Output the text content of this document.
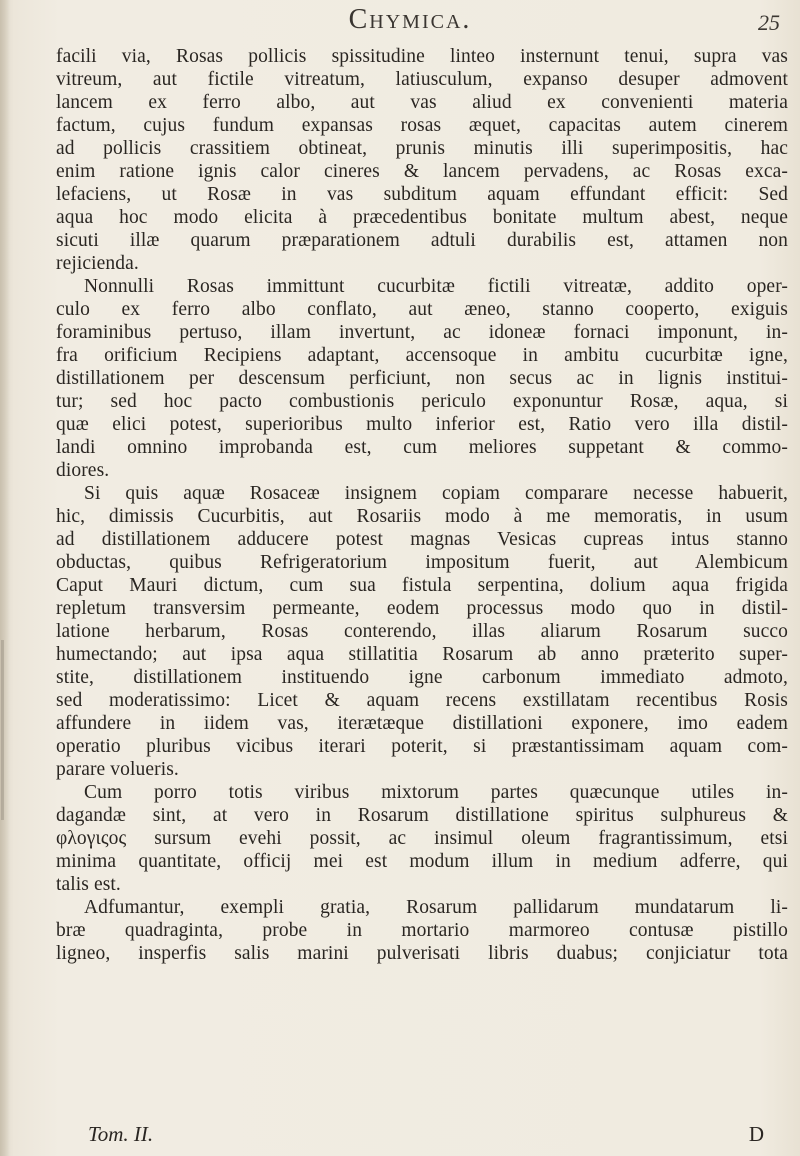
Chymica.	25
facili via, Rosas pollicis spissitudine linteo insternunt tenui, supra vas
vitreum, aut fictile vitreatum, latiusculum, expanso desuper admovent
lancem ex ferro albo, aut vas aliud ex convenienti materia
factum, cujus fundum expansas rosas æquet, capacitas autem cinerem
ad pollicis crassitiem obtineat, prunis minutis illi superimpositis, hac
enim ratione ignis calor cineres & lancem pervadens, ac Rosas exca-
lefaciens, ut Rosæ in vas subditum aquam effundant efficit: Sed
aqua hoc modo elicita à præcedentibus bonitate multum abest, neque
sicuti illæ quarum præparationem adtuli durabilis est, attamen non
rejicienda.
Nonnulli Rosas immittunt cucurbitæ fictili vitreatæ, addito oper-
culo ex ferro albo conflato, aut æneo, stanno cooperto, exiguis
foraminibus pertuso, illam invertunt, ac idoneæ fornaci imponunt, in-
fra orificium Recipiens adaptant, accensoque in ambitu cucurbitæ igne,
distillationem per descensum perficiunt, non secus ac in lignis institui-
tur; sed hoc pacto combustionis periculo exponuntur Rosæ, aqua, si
quæ elici potest, superioribus multo inferior est, Ratio vero illa distil-
landi omnino improbanda est, cum meliores suppetant & commo-
diores.
Si quis aquæ Rosaceæ insignem copiam comparare necesse habuerit,
hic, dimissis Cucurbitis, aut Rosariis modo à me memoratis, in usum
ad distillationem adducere potest magnas Vesicas cupreas intus stanno
obductas, quibus Refrigeratorium impositum fuerit, aut Alembicum
Caput Mauri dictum, cum sua fistula serpentina, dolium aqua frigida
repletum transversim permeante, eodem processus modo quo in distil-
latione herbarum, Rosas conterendo, illas aliarum Rosarum succo
humectando; aut ipsa aqua stillatitia Rosarum ab anno præterito super-
stite, distillationem instituendo igne carbonum immediato admoto,
sed moderatissimo: Licet & aquam recens exstillatam recentibus Rosis
affundere in iidem vas, iterætæque distillationi exponere, imo eadem
operatio pluribus vicibus iterari poterit, si præstantissimam aquam com-
parare volueris.
Cum porro totis viribus mixtorum partes quæcunque utiles in-
dagandæ sint, at vero in Rosarum distillatione spiritus sulphureus &
φλογιςος sursum evehi possit, ac insimul oleum fragrantissimum, etsi
minima quantitate, officij mei est modum illum in medium adferre, qui
talis est.
Adfumantur, exempli gratia, Rosarum pallidarum mundatarum li-
bræ quadraginta, probe in mortario marmoreo contusæ pistillo
ligneo, insperfis salis marini pulverisati libris duabus; conjiciatur tota
Tom. II.	D
